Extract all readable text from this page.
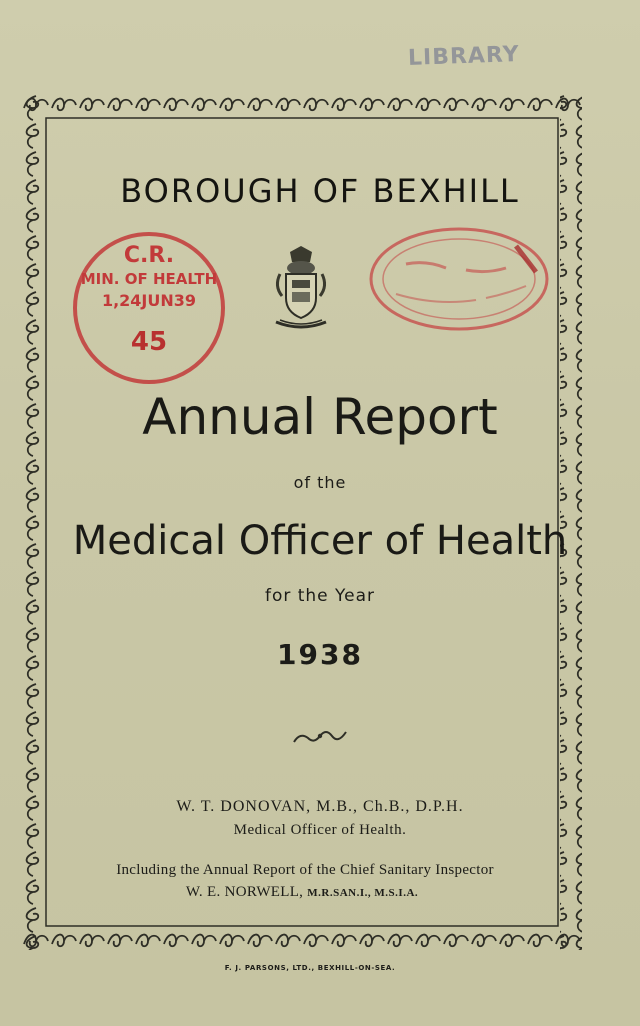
LIBRARY
BOROUGH OF BEXHILL
C.R.
MIN. OF HEALTH
1,24JUN39
45
Annual Report
of the
Medical Officer of Health
for the Year
1938
W. T. DONOVAN, M.B., Ch.B., D.P.H.
Medical Officer of Health.
Including the Annual Report of the Chief Sanitary Inspector
W. E. NORWELL, M.R.SAN.I., M.S.I.A.
F. J. PARSONS, LTD., BEXHILL-ON-SEA.
